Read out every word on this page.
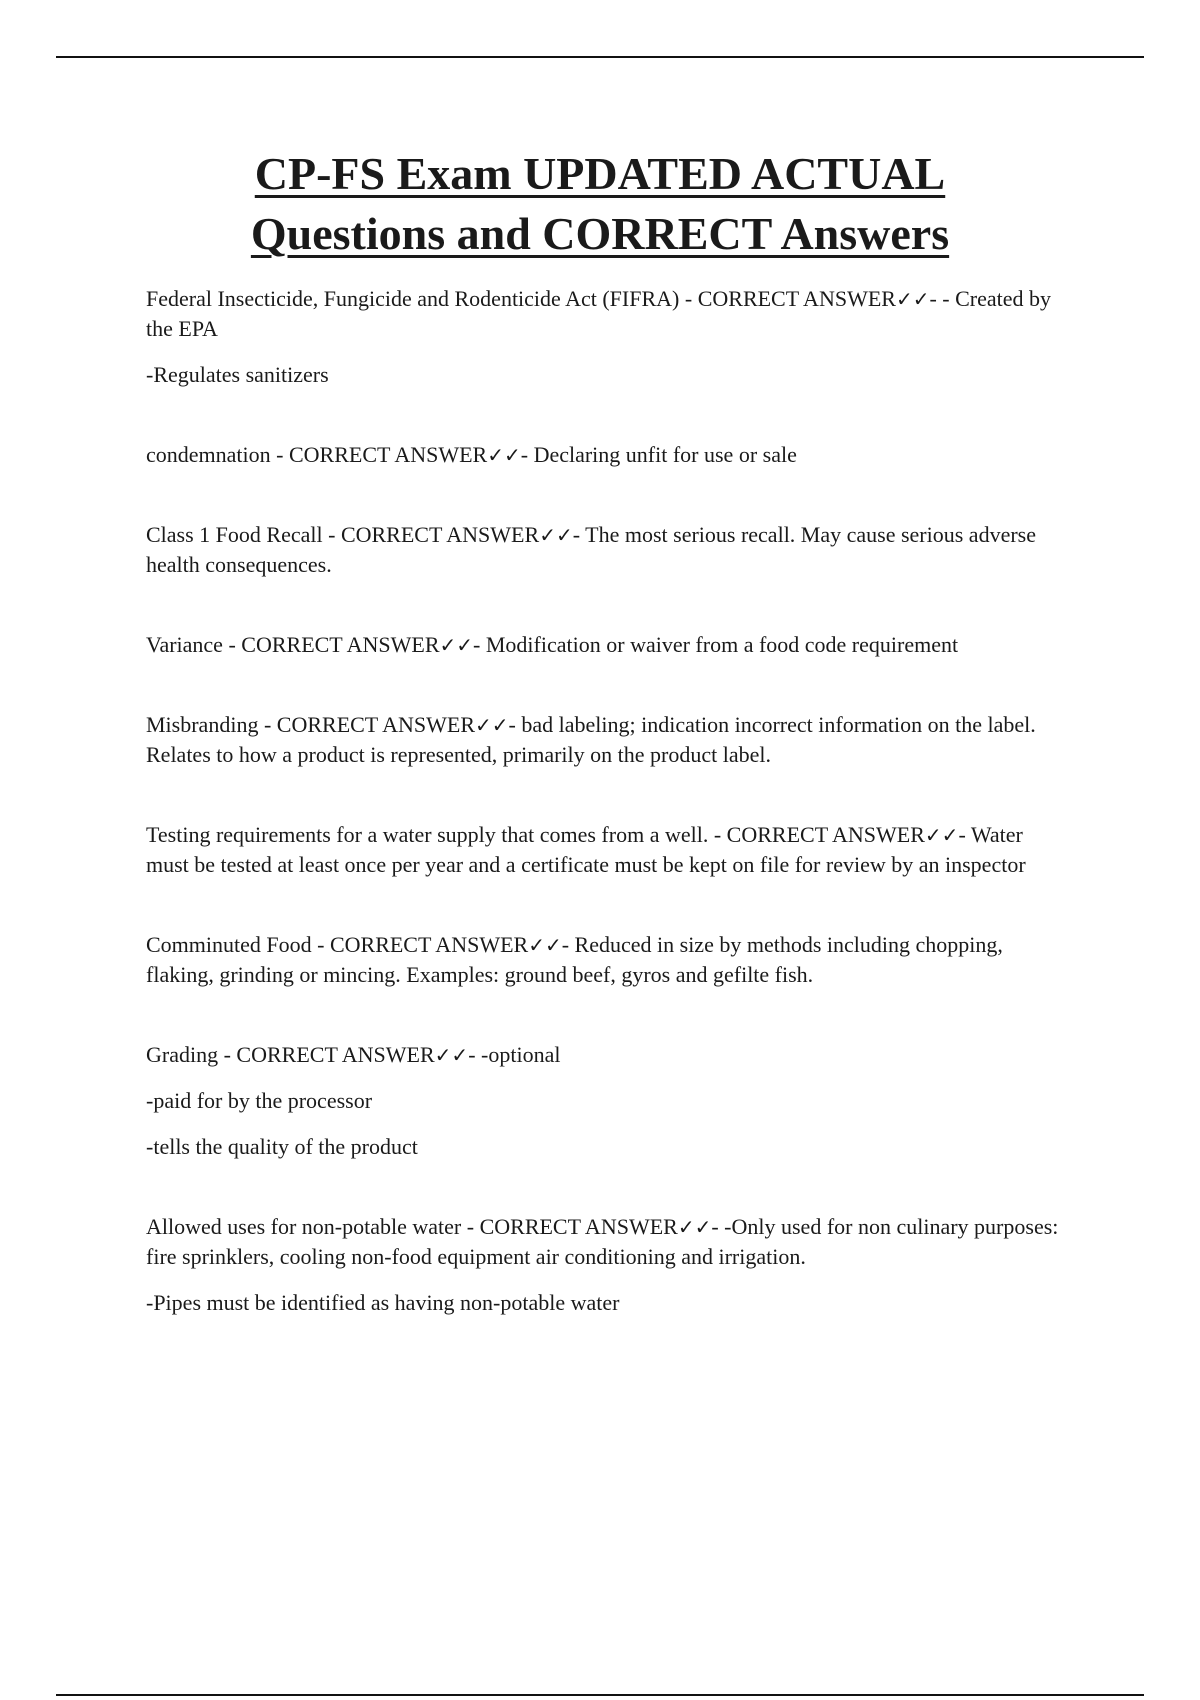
CP-FS Exam UPDATED ACTUAL
Questions and CORRECT Answers

Federal Insecticide, Fungicide and Rodenticide Act (FIFRA) - CORRECT ANSWER✓✓- - Created by the EPA

-Regulates sanitizers

condemnation - CORRECT ANSWER✓✓- Declaring unfit for use or sale

Class 1 Food Recall - CORRECT ANSWER✓✓- The most serious recall. May cause serious adverse health consequences.

Variance - CORRECT ANSWER✓✓- Modification or waiver from a food code requirement

Misbranding - CORRECT ANSWER✓✓- bad labeling; indication incorrect information on the label. Relates to how a product is represented, primarily on the product label.

Testing requirements for a water supply that comes from a well. - CORRECT ANSWER✓✓- Water must be tested at least once per year and a certificate must be kept on file for review by an inspector

Comminuted Food - CORRECT ANSWER✓✓- Reduced in size by methods including chopping, flaking, grinding or mincing. Examples: ground beef, gyros and gefilte fish.

Grading - CORRECT ANSWER✓✓- -optional

-paid for by the processor

-tells the quality of the product

Allowed uses for non-potable water - CORRECT ANSWER✓✓- -Only used for non culinary purposes: fire sprinklers, cooling non-food equipment air conditioning and irrigation.

-Pipes must be identified as having non-potable water
